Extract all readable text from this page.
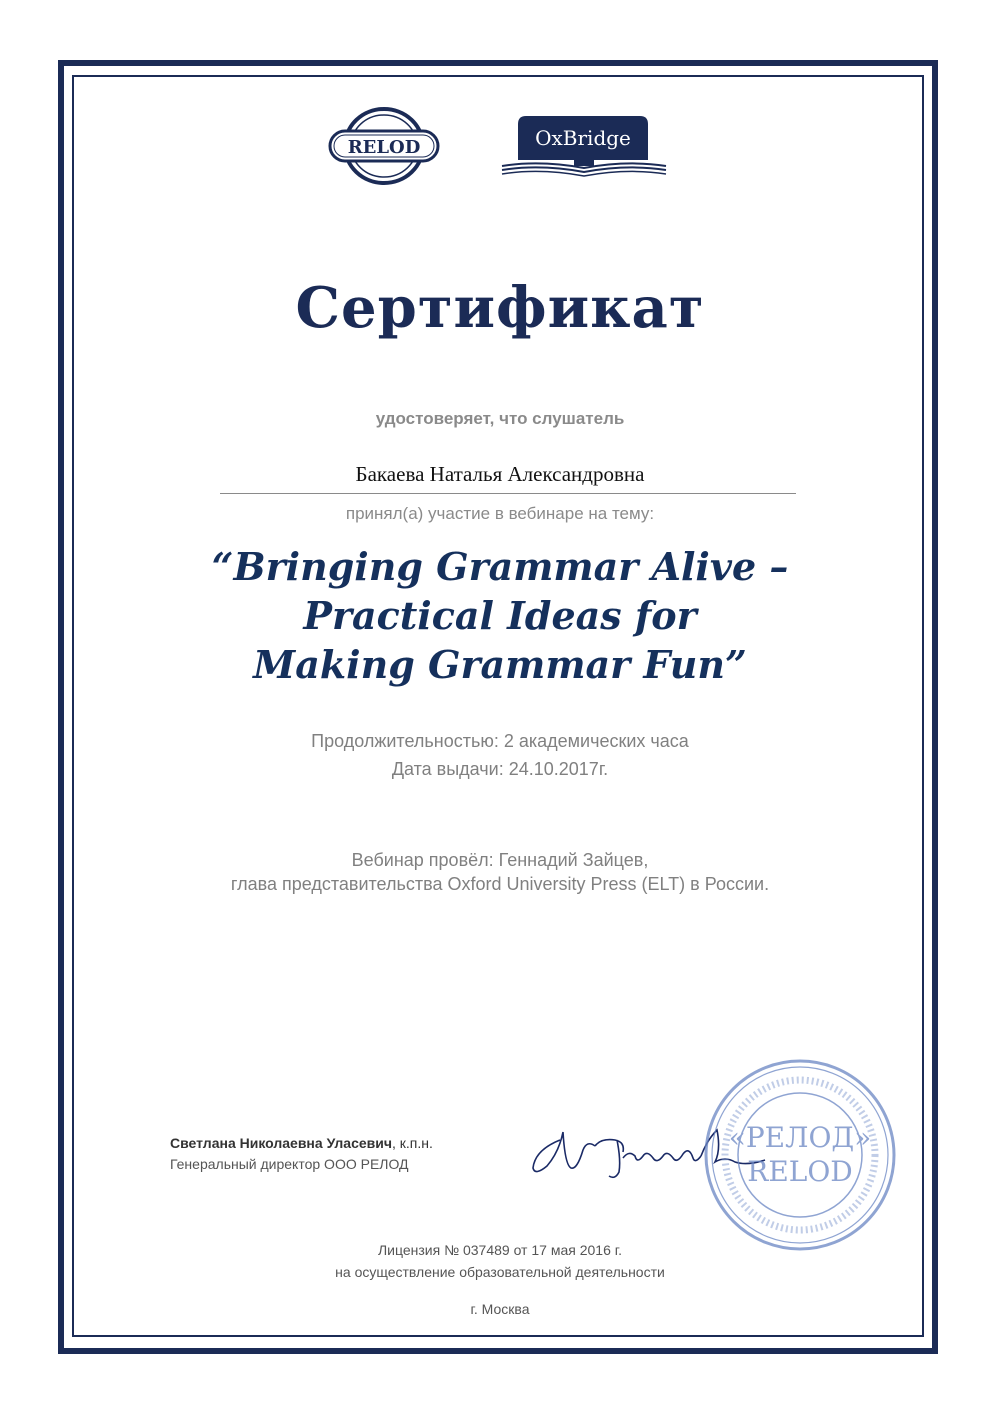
RELOD	OxBridge
Сертификат
удостоверяет, что слушатель
Бакаева Наталья Александровна
принял(а) участие в вебинаре на тему:
“Bringing Grammar Alive –
Practical Ideas for
Making Grammar Fun”
Продолжительностью: 2 академических часа
Дата выдачи: 24.10.2017г.
Вебинар провёл: Геннадий Зайцев,
глава представительства Oxford University Press (ELT) в России.
Светлана Николаевна Уласевич, к.п.н.
Генеральный директор ООО РЕЛОД
«РЕЛОД»
RELOD
Лицензия № 037489 от 17 мая 2016 г.
на осуществление образовательной деятельности
г. Москва
